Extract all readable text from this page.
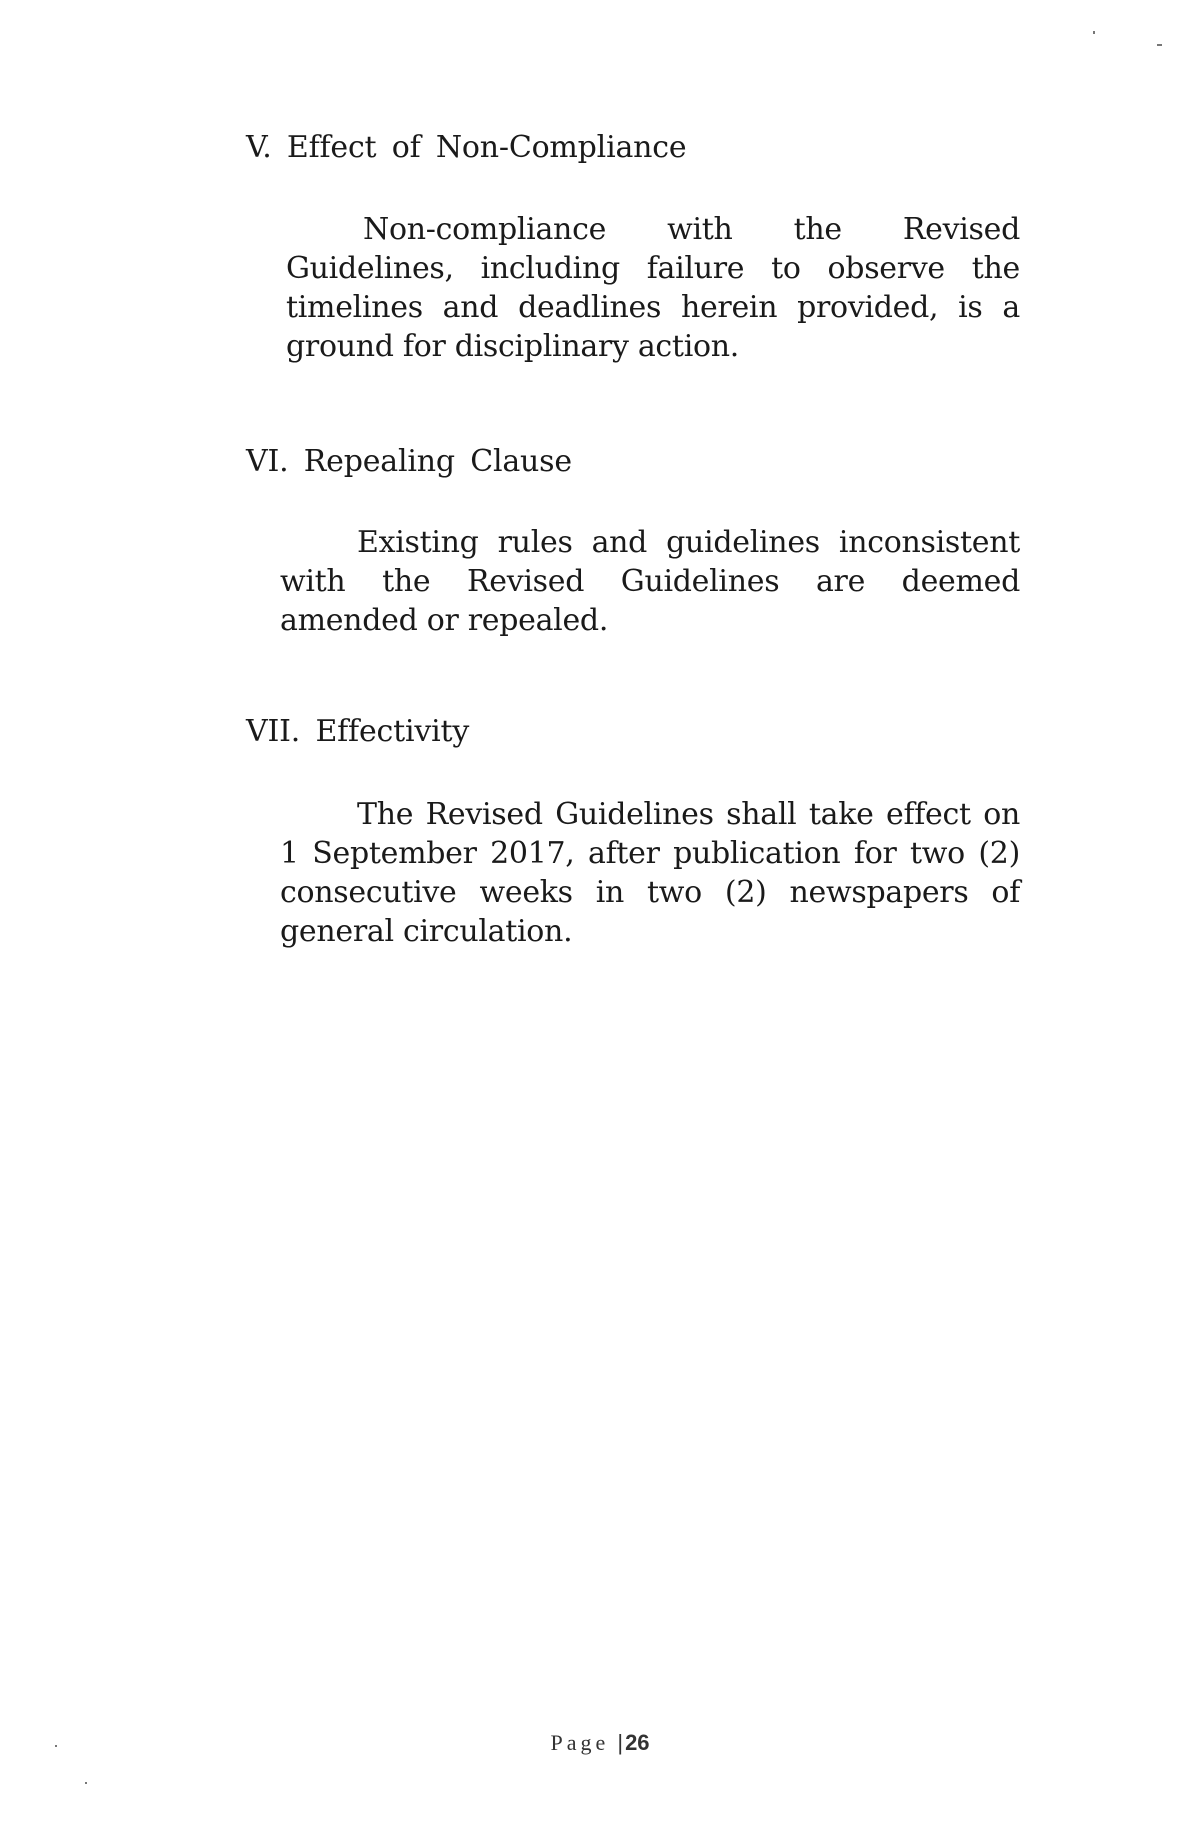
V. Effect of Non-Compliance

Non-compliance with the Revised Guidelines, including failure to observe the timelines and deadlines herein provided, is a ground for disciplinary action.

VI. Repealing Clause

Existing rules and guidelines inconsistent with the Revised Guidelines are deemed amended or repealed.

VII. Effectivity

The Revised Guidelines shall take effect on 1 September 2017, after publication for two (2) consecutive weeks in two (2) newspapers of general circulation.

Page |26
